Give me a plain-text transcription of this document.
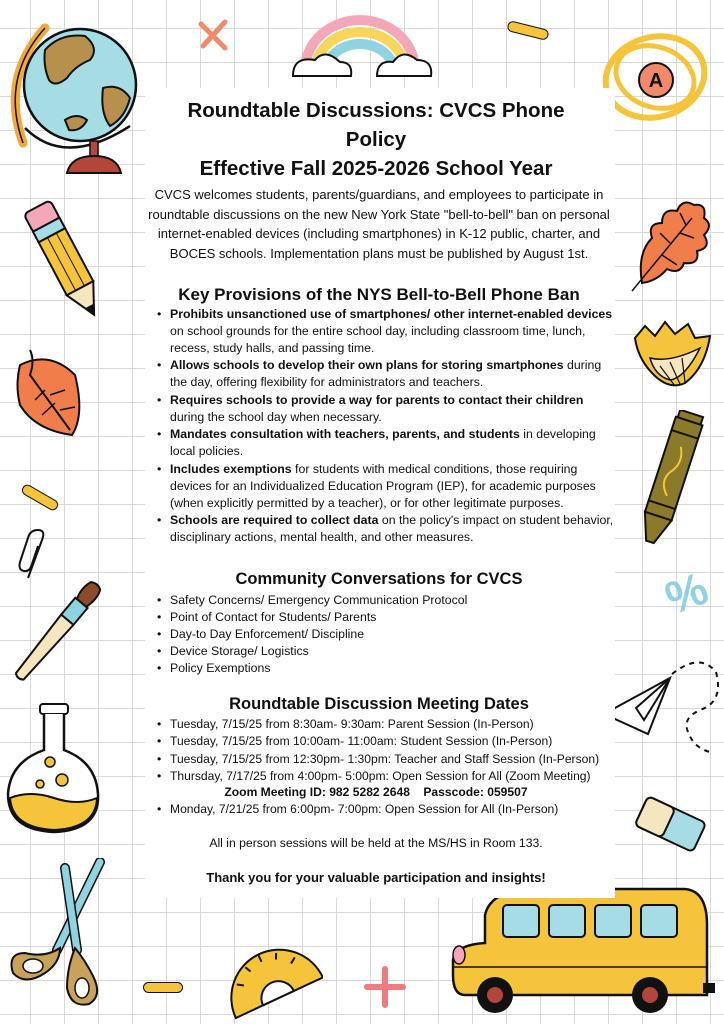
A
%
Roundtable Discussions: CVCS Phone
Policy
Effective Fall 2025-2026 School Year
CVCS welcomes students, parents/guardians, and employees to participate in roundtable discussions on the new New York State "bell-to-bell" ban on personal internet-enabled devices (including smartphones) in K-12 public, charter, and BOCES schools. Implementation plans must be published by August 1st.
Key Provisions of the NYS Bell-to-Bell Phone Ban
• Prohibits unsanctioned use of smartphones/ other internet-enabled devices on school grounds for the entire school day, including classroom time, lunch, recess, study halls, and passing time.
• Allows schools to develop their own plans for storing smartphones during the day, offering flexibility for administrators and teachers.
• Requires schools to provide a way for parents to contact their children during the school day when necessary.
• Mandates consultation with teachers, parents, and students in developing local policies.
• Includes exemptions for students with medical conditions, those requiring devices for an Individualized Education Program (IEP), for academic purposes (when explicitly permitted by a teacher), or for other legitimate purposes.
• Schools are required to collect data on the policy's impact on student behavior, disciplinary actions, mental health, and other measures.
Community Conversations for CVCS
• Safety Concerns/ Emergency Communication Protocol
• Point of Contact for Students/ Parents
• Day-to Day Enforcement/ Discipline
• Device Storage/ Logistics
• Policy Exemptions
Roundtable Discussion Meeting Dates
• Tuesday, 7/15/25 from 8:30am- 9:30am: Parent Session (In-Person)
• Tuesday, 7/15/25 from 10:00am- 11:00am: Student Session (In-Person)
• Tuesday, 7/15/25 from 12:30pm- 1:30pm: Teacher and Staff Session (In-Person)
• Thursday, 7/17/25 from 4:00pm- 5:00pm: Open Session for All (Zoom Meeting)
Zoom Meeting ID: 982 5282 2648    Passcode: 059507
• Monday, 7/21/25 from 6:00pm- 7:00pm: Open Session for All (In-Person)
All in person sessions will be held at the MS/HS in Room 133.
Thank you for your valuable participation and insights!
